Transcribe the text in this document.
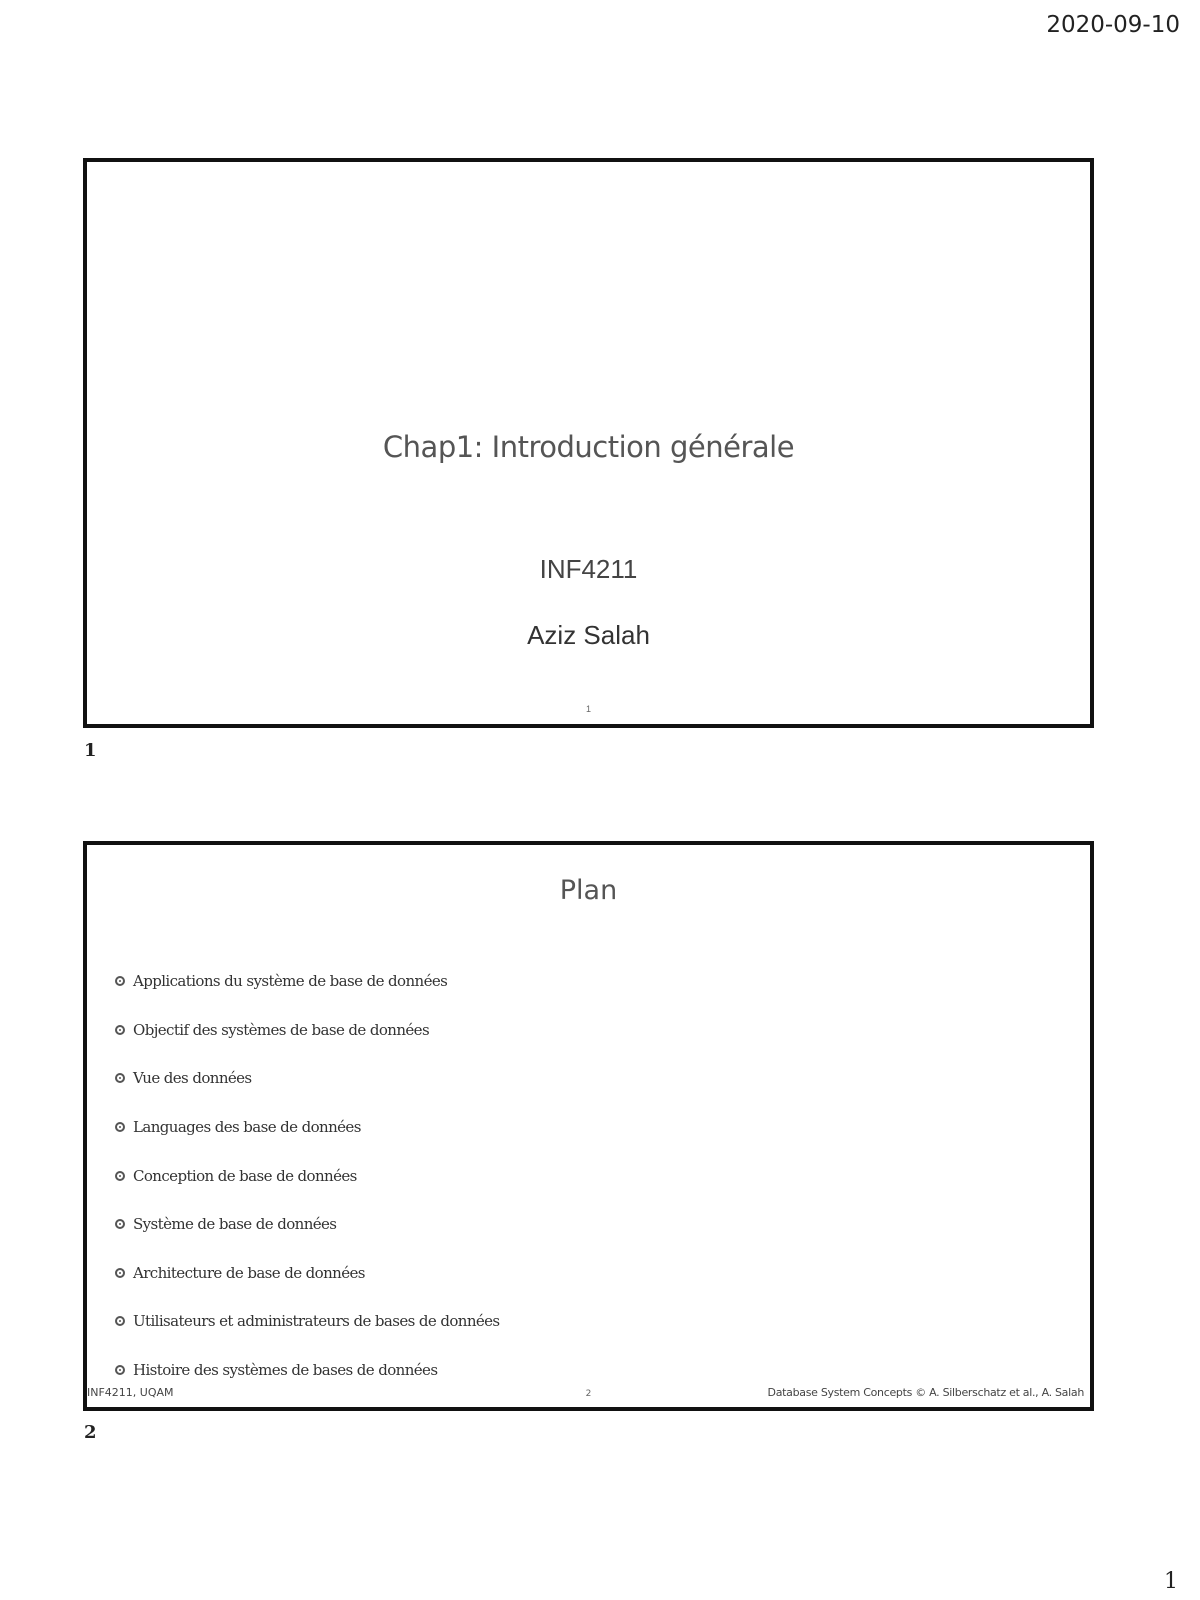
2020-09-10
Chap1: Introduction générale
INF4211
Aziz Salah
1
1
Plan
Applications du système de base de données
Objectif des systèmes de base de données
Vue des données
Languages des base de données
Conception de base de données
Système de base de données
Architecture de base de données
Utilisateurs et administrateurs de bases de données
Histoire des systèmes de bases de données
INF4211, UQAM	2	Database System Concepts © A. Silberschatz et al., A. Salah
2
1
